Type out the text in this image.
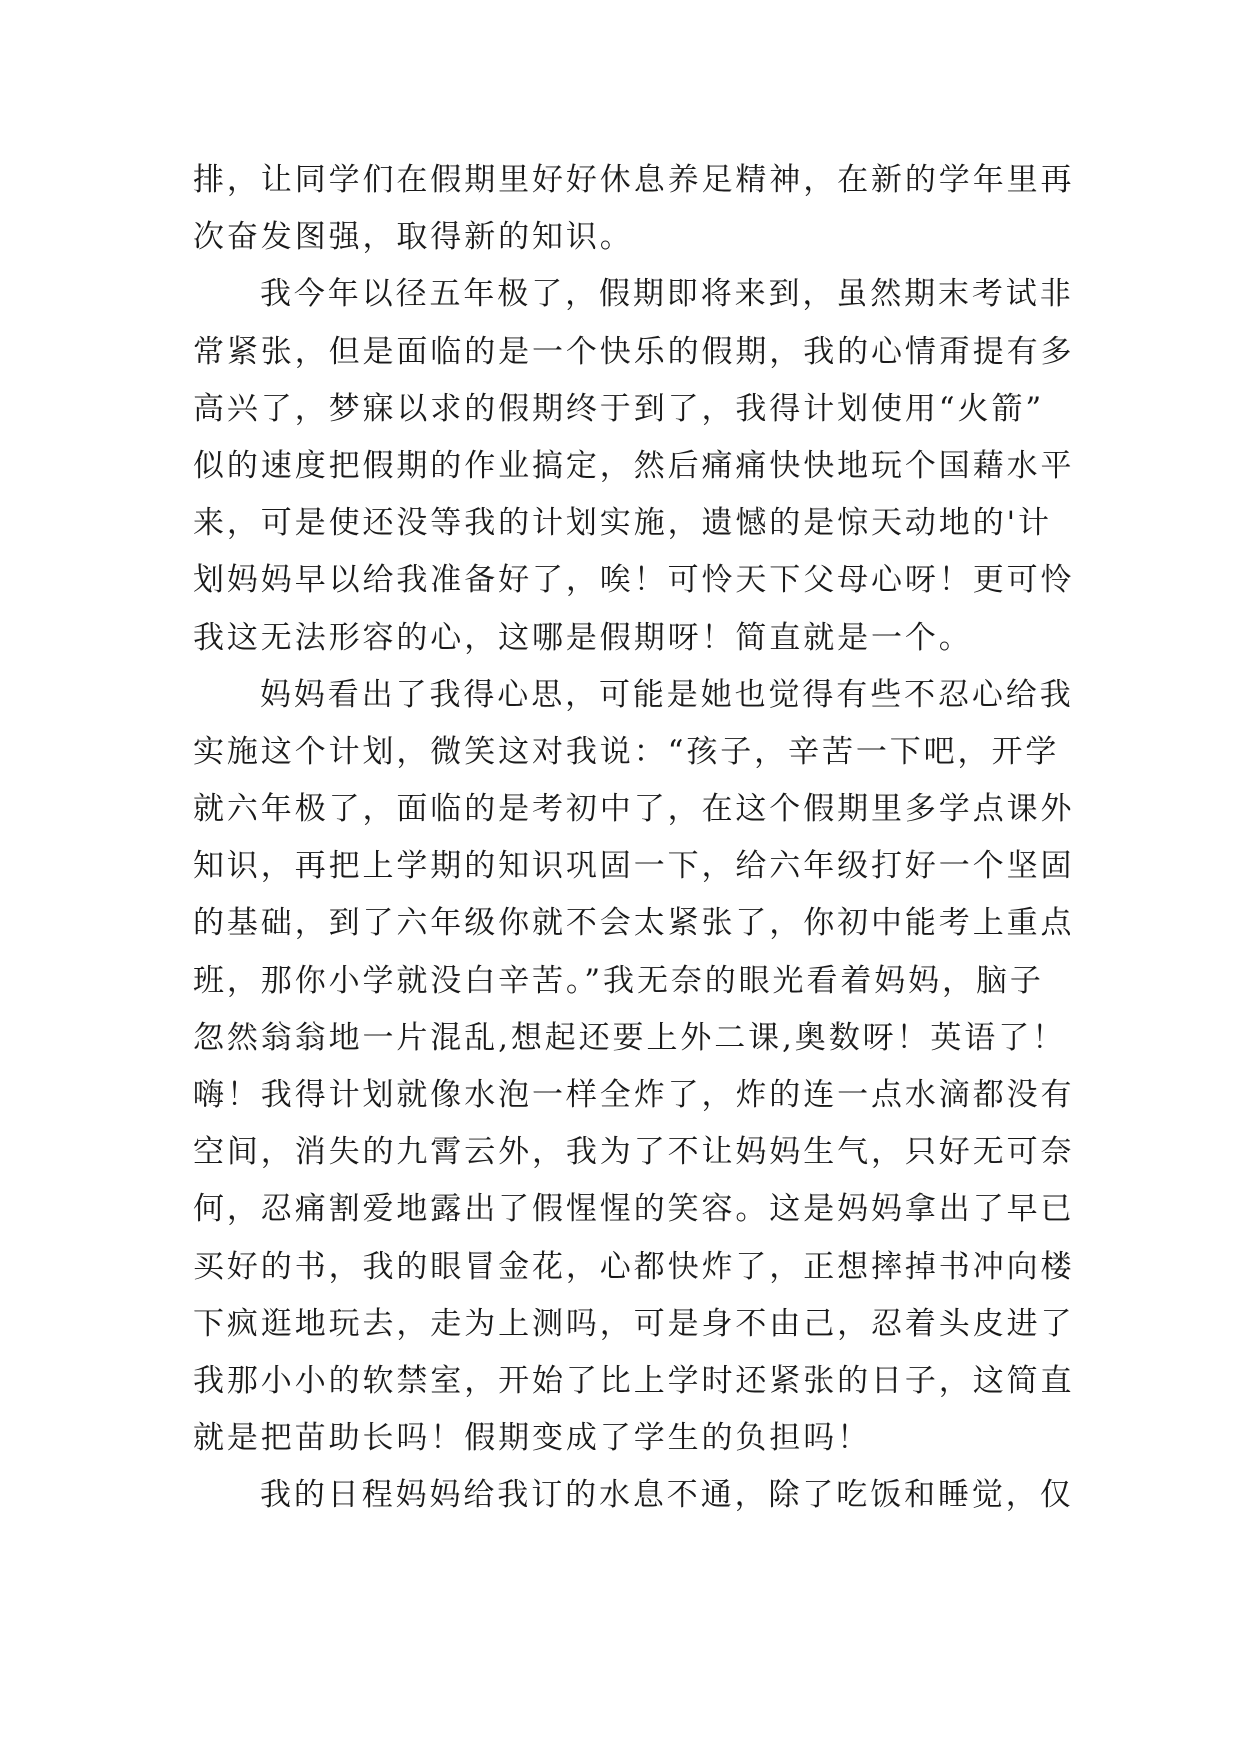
排，让同学们在假期里好好休息养足精神，在新的学年里再
次奋发图强，取得新的知识。
我今年以径五年极了，假期即将来到，虽然期末考试非
常紧张，但是面临的是一个快乐的假期，我的心情甭提有多
高兴了，梦寐以求的假期终于到了，我得计划使用“火箭”
似的速度把假期的作业搞定，然后痛痛快快地玩个国藉水平
来，可是使还没等我的计划实施，遗憾的是惊天动地的'计
划妈妈早以给我准备好了，唉！可怜天下父母心呀！更可怜
我这无法形容的心，这哪是假期呀！简直就是一个。
妈妈看出了我得心思，可能是她也觉得有些不忍心给我
实施这个计划，微笑这对我说：“孩子，辛苦一下吧，开学
就六年极了，面临的是考初中了，在这个假期里多学点课外
知识，再把上学期的知识巩固一下，给六年级打好一个坚固
的基础，到了六年级你就不会太紧张了，你初中能考上重点
班，那你小学就没白辛苦。”我无奈的眼光看着妈妈，脑子
忽然翁翁地一片混乱,想起还要上外二课,奥数呀！英语了！
嗨！我得计划就像水泡一样全炸了，炸的连一点水滴都没有
空间，消失的九霄云外，我为了不让妈妈生气，只好无可奈
何，忍痛割爱地露出了假惺惺的笑容。这是妈妈拿出了早已
买好的书，我的眼冒金花，心都快炸了，正想摔掉书冲向楼
下疯逛地玩去，走为上测吗，可是身不由己，忍着头皮进了
我那小小的软禁室，开始了比上学时还紧张的日子，这简直
就是把苗助长吗！假期变成了学生的负担吗！
我的日程妈妈给我订的水息不通，除了吃饭和睡觉，仅
